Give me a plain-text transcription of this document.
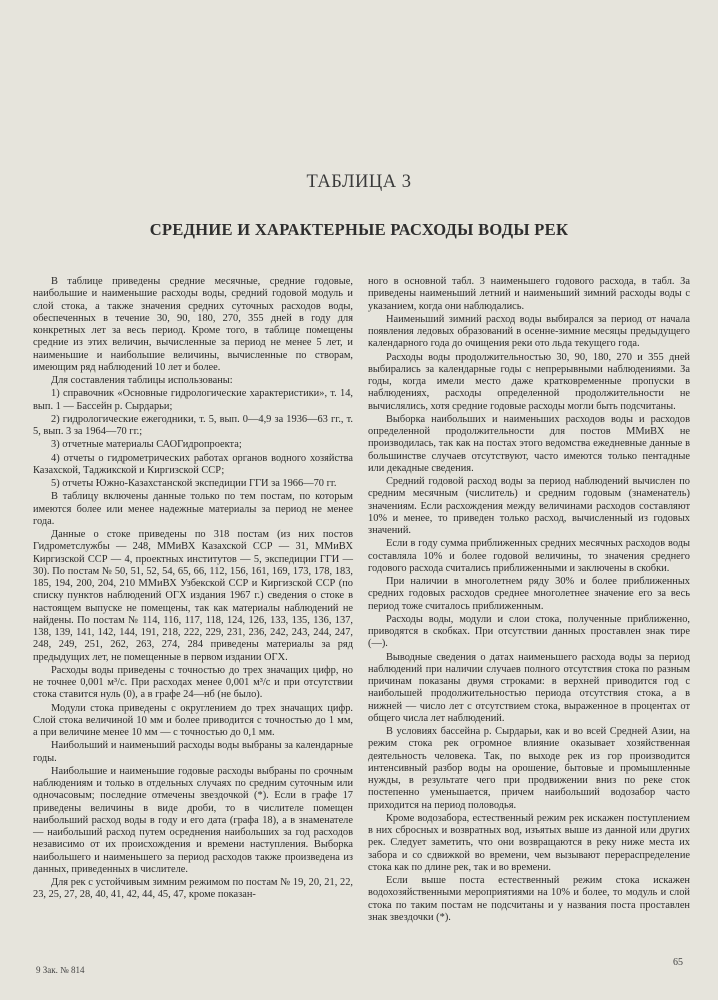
ТАБЛИЦА 3
СРЕДНИЕ И ХАРАКТЕРНЫЕ РАСХОДЫ ВОДЫ РЕК

В таблице приведены средние месячные, средние годовые, наибольшие и наименьшие расходы воды, средний годовой модуль и слой стока, а также значения средних суточных расходов воды, обеспеченных в течение 30, 90, 180, 270, 355 дней в году для конкретных лет за весь период. Кроме того, в таблице помещены средние из этих величин, вычисленные за период не менее 5 лет, и наименьшие и наибольшие величины, вычисленные по створам, имеющим ряд наблюдений 10 лет и более.

Для составления таблицы использованы:

1) справочник «Основные гидрологические характеристики», т. 14, вып. 1 — Бассейн р. Сырдарьи;

2) гидрологические ежегодники, т. 5, вып. 0—4,9 за 1936—63 гг., т. 5, вып. 3 за 1964—70 гг.;

3) отчетные материалы САОГидропроекта;

4) отчеты о гидрометрических работах органов водного хозяйства Казахской, Таджикской и Киргизской ССР;

5) отчеты Южно-Казахстанской экспедиции ГГИ за 1966—70 гг.

В таблицу включены данные только по тем постам, по которым имеются более или менее надежные материалы за период не менее года.

Данные о стоке приведены по 318 постам (из них постов Гидрометслужбы — 248, ММиВХ Казахской ССР — 31, ММиВХ Киргизской ССР — 4, проектных институтов — 5, экспедиции ГГИ — 30). По постам № 50, 51, 52, 54, 65, 66, 112, 156, 161, 169, 173, 178, 183, 185, 194, 200, 204, 210 ММиВХ Узбекской ССР и Киргизской ССР (по списку пунктов наблюдений ОГХ издания 1967 г.) сведения о стоке в настоящем выпуске не помещены, так как материалы наблюдений не найдены. По постам № 114, 116, 117, 118, 124, 126, 133, 135, 136, 137, 138, 139, 141, 142, 144, 191, 218, 222, 229, 231, 236, 242, 243, 244, 247, 248, 249, 251, 262, 263, 274, 284 приведены материалы за ряд предыдущих лет, не помещенные в первом издании ОГХ.

Расходы воды приведены с точностью до трех значащих цифр, но не точнее 0,001 м³/с. При расходах менее 0,001 м³/с и при отсутствии стока ставится нуль (0), а в графе 24—нб (не было).

Модули стока приведены с округлением до трех значащих цифр. Слой стока величиной 10 мм и более приводится с точностью до 1 мм, а при величине менее 10 мм — с точностью до 0,1 мм.

Наибольший и наименьший расходы воды выбраны за календарные годы.

Наибольшие и наименьшие годовые расходы выбраны по срочным наблюдениям и только в отдельных случаях по средним суточным или одночасовым; последние отмечены звездочкой (*). Если в графе 17 приведены величины в виде дроби, то в числителе помещен наибольший расход воды в году и его дата (графа 18), а в знаменателе — наибольший расход путем осреднения наибольших за год расходов независимо от их происхождения и времени наступления. Выборка наибольшего и наименьшего за период расходов также произведена из данных, приведенных в числителе.

Для рек с устойчивым зимним режимом по постам № 19, 20, 21, 22, 23, 25, 27, 28, 40, 41, 42, 44, 45, 47, кроме показан-

ного в основной табл. 3 наименьшего годового расхода, в табл. За приведены наименьший летний и наименьший зимний расходы воды с указанием, когда они наблюдались.

Наименьший зимний расход воды выбирался за период от начала появления ледовых образований в осенне-зимние месяцы предыдущего календарного года до очищения реки ото льда текущего года.

Расходы воды продолжительностью 30, 90, 180, 270 и 355 дней выбирались за календарные годы с непрерывными наблюдениями. За годы, когда имели место даже кратковременные пропуски в наблюдениях, расходы определенной продолжительности не вычислялись, хотя средние годовые расходы могли быть подсчитаны.

Выборка наибольших и наименьших расходов воды и расходов определенной продолжительности для постов ММиВХ не производилась, так как на постах этого ведомства ежедневные данные в большинстве случаев отсутствуют, часто имеются только пентадные или декадные сведения.

Средний годовой расход воды за период наблюдений вычислен по средним месячным (числитель) и средним годовым (знаменатель) значениям. Если расхождения между величинами расходов составляют 10% и менее, то приведен только расход, вычисленный из годовых значений.

Если в году сумма приближенных средних месячных расходов воды составляла 10% и более годовой величины, то значения среднего годового расхода считались приближенными и заключены в скобки.

При наличии в многолетнем ряду 30% и более приближенных средних годовых расходов среднее многолетнее значение его за весь период тоже считалось приближенным.

Расходы воды, модули и слои стока, полученные приближенно, приводятся в скобках. При отсутствии данных проставлен знак тире (—).

Выводные сведения о датах наименьшего расхода воды за период наблюдений при наличии случаев полного отсутствия стока по разным причинам показаны двумя строками: в верхней приводится год с наибольшей продолжительностью периода отсутствия стока, а в нижней — число лет с отсутствием стока, выраженное в процентах от общего числа лет наблюдений.

В условиях бассейна р. Сырдарьи, как и во всей Средней Азии, на режим стока рек огромное влияние оказывает хозяйственная деятельность человека. Так, по выходе рек из гор производится интенсивный разбор воды на орошение, бытовые и промышленные нужды, в результате чего при продвижении вниз по реке сток постепенно уменьшается, причем наибольший водозабор часто приходится на период половодья.

Кроме водозабора, естественный режим рек искажен поступлением в них сбросных и возвратных вод, изъятых выше из данной или других рек. Следует заметить, что они возвращаются в реку ниже места их забора и со сдвижкой во времени, чем вызывают перераспределение стока как по длине рек, так и во времени.

Если выше поста естественный режим стока искажен водохозяйственными мероприятиями на 10% и более, то модуль и слой стока по таким постам не подсчитаны и у названия поста проставлен знак звездочки (*).

9 Зак. № 814
65
